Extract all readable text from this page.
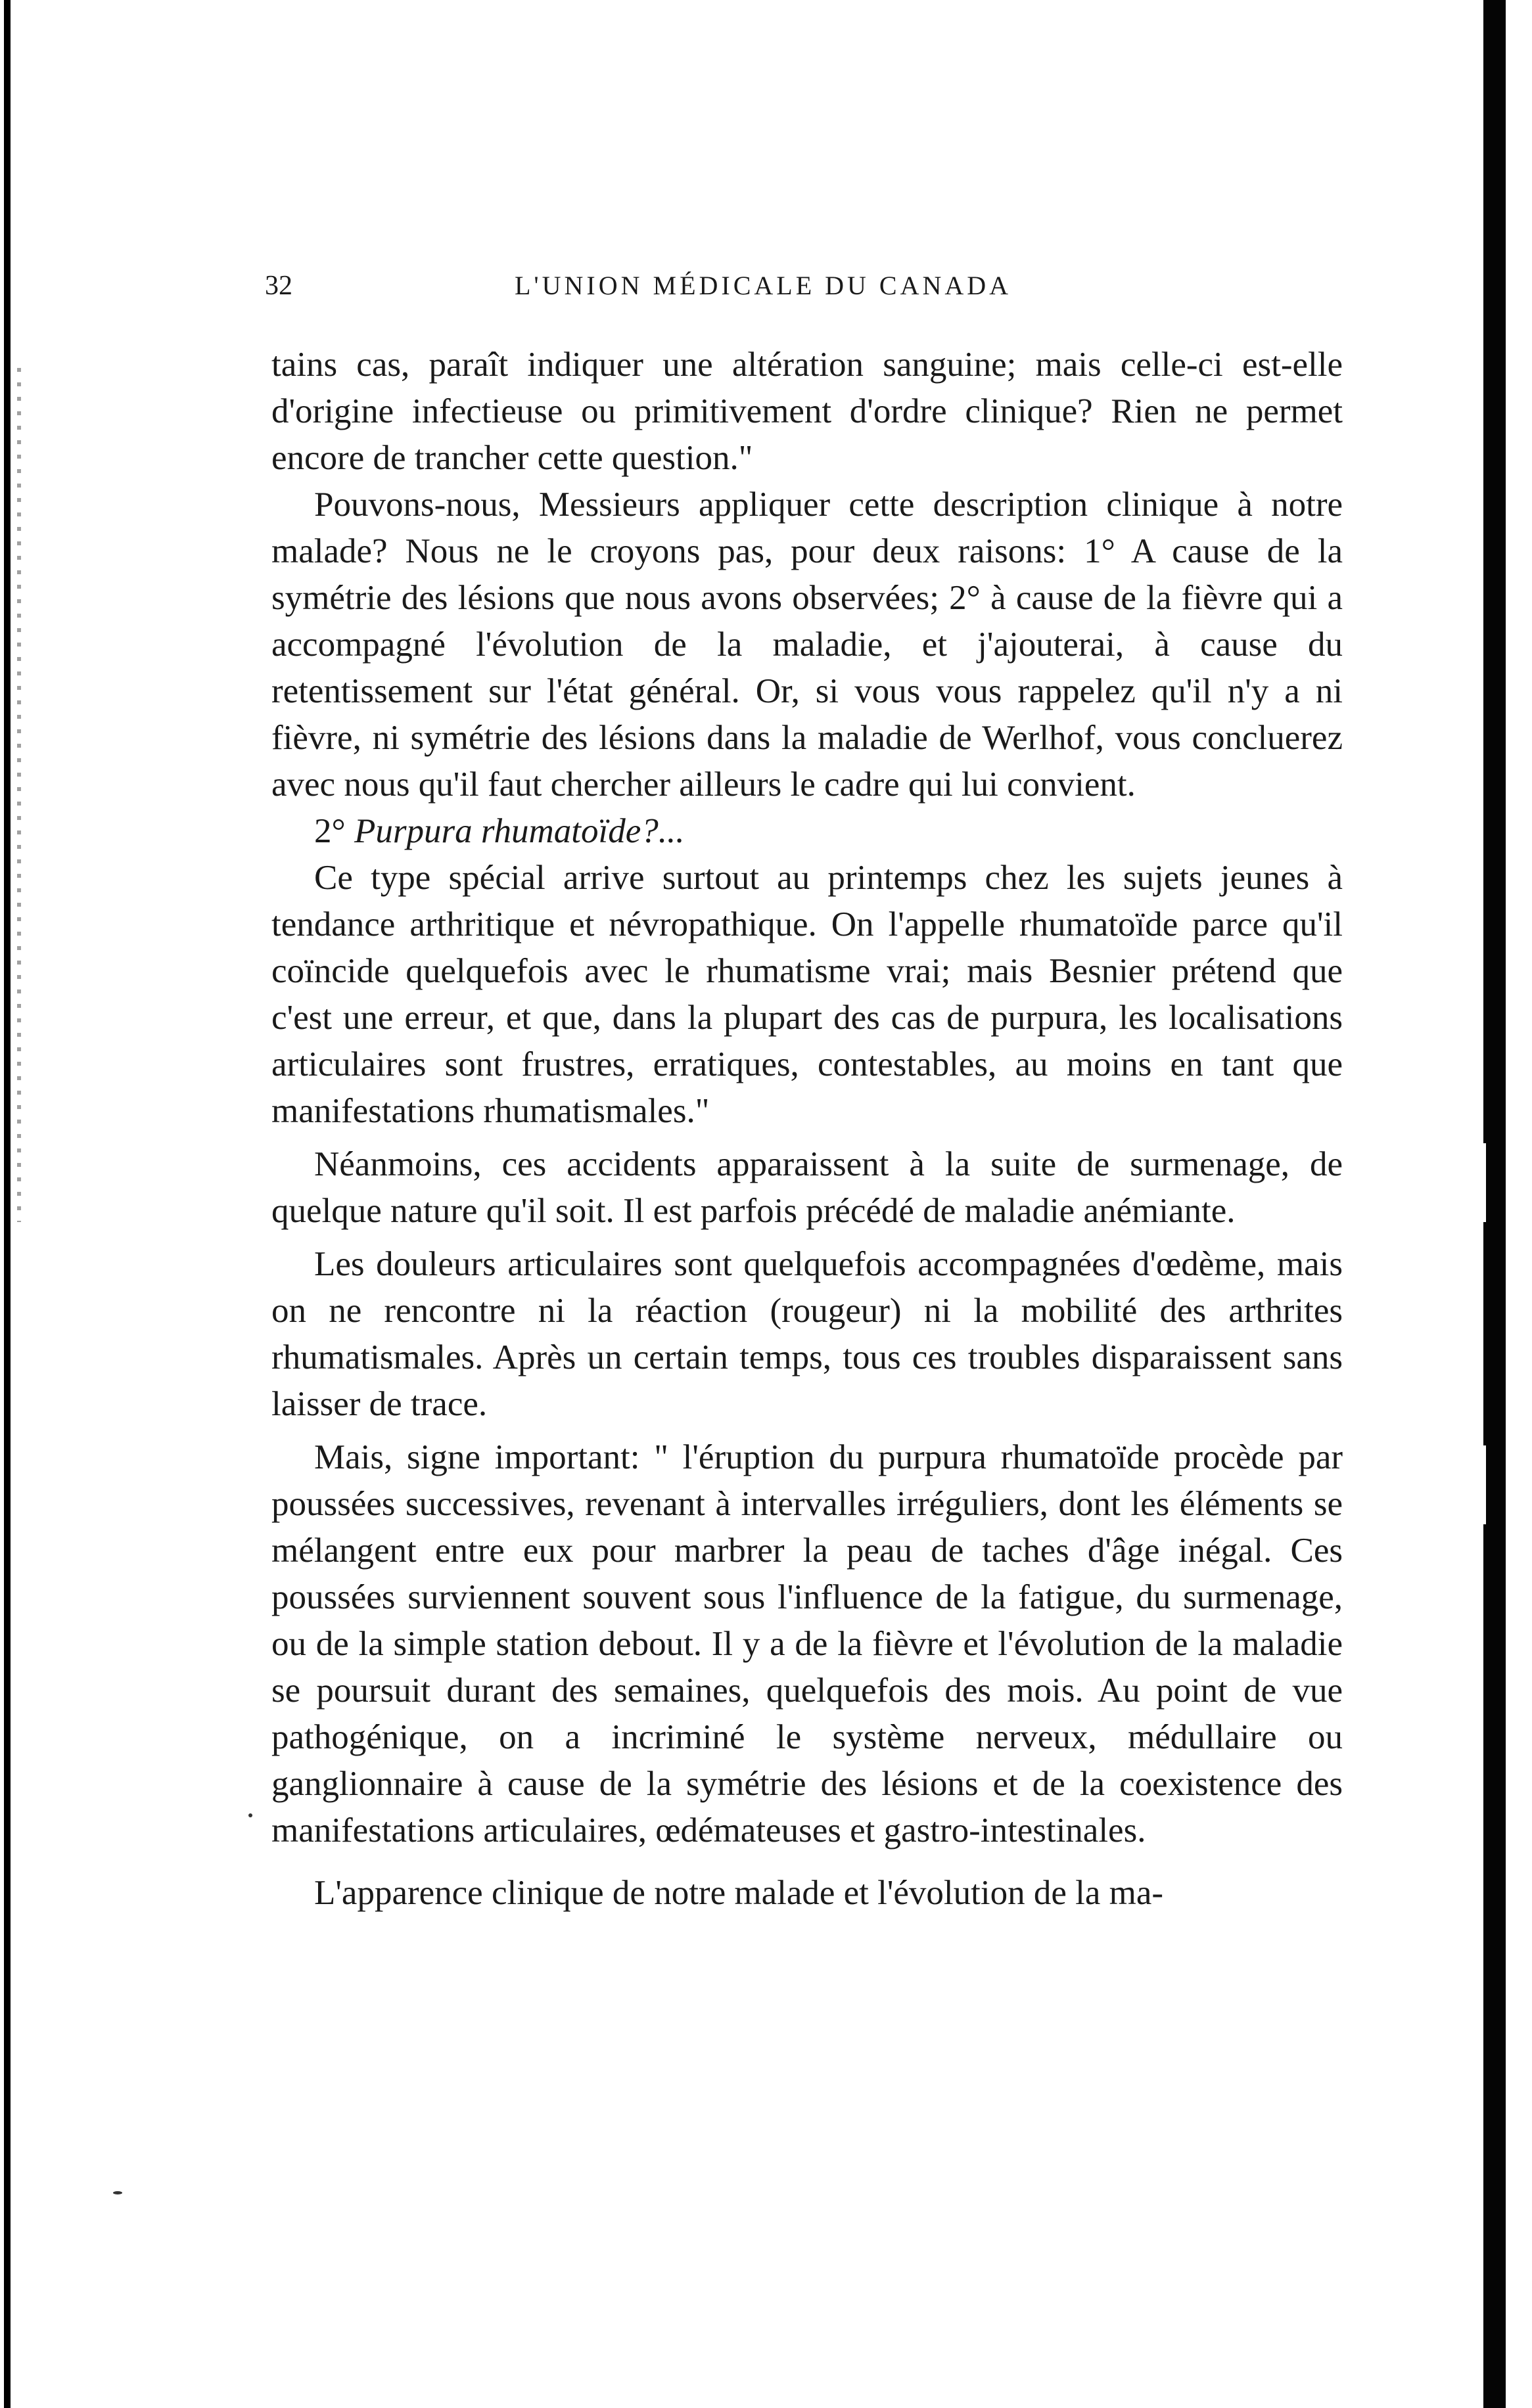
32	L'UNION MÉDICALE DU CANADA

tains cas, paraît indiquer une altération sanguine; mais celle-ci est-elle d'origine infectieuse ou primitivement d'ordre clinique? Rien ne permet encore de trancher cette question."

Pouvons-nous, Messieurs appliquer cette description clinique à notre malade? Nous ne le croyons pas, pour deux raisons: 1° A cause de la symétrie des lésions que nous avons observées; 2° à cause de la fièvre qui a accompagné l'évolution de la maladie, et j'ajouterai, à cause du retentissement sur l'état général. Or, si vous vous rappelez qu'il n'y a ni fièvre, ni symétrie des lésions dans la maladie de Werlhof, vous concluerez avec nous qu'il faut chercher ailleurs le cadre qui lui convient.

2° Purpura rhumatoïde?...

Ce type spécial arrive surtout au printemps chez les sujets jeunes à tendance arthritique et névropathique. On l'appelle rhumatoïde parce qu'il coïncide quelquefois avec le rhumatisme vrai; mais Besnier prétend que c'est une erreur, et que, dans la plupart des cas de purpura, les localisations articulaires sont frustres, erratiques, contestables, au moins en tant que manifestations rhumatismales."

Néanmoins, ces accidents apparaissent à la suite de surmenage, de quelque nature qu'il soit. Il est parfois précédé de maladie anémiante.

Les douleurs articulaires sont quelquefois accompagnées d'œdème, mais on ne rencontre ni la réaction (rougeur) ni la mobilité des arthrites rhumatismales. Après un certain temps, tous ces troubles disparaissent sans laisser de trace.

Mais, signe important: " l'éruption du purpura rhumatoïde procède par poussées successives, revenant à intervalles irréguliers, dont les éléments se mélangent entre eux pour marbrer la peau de taches d'âge inégal. Ces poussées surviennent souvent sous l'influence de la fatigue, du surmenage, ou de la simple station debout. Il y a de la fièvre et l'évolution de la maladie se poursuit durant des semaines, quelquefois des mois. Au point de vue pathogénique, on a incriminé le système nerveux, médullaire ou ganglionnaire à cause de la symétrie des lésions et de la coexistence des manifestations articulaires, œdémateuses et gastro-intestinales.

L'apparence clinique de notre malade et l'évolution de la ma-
